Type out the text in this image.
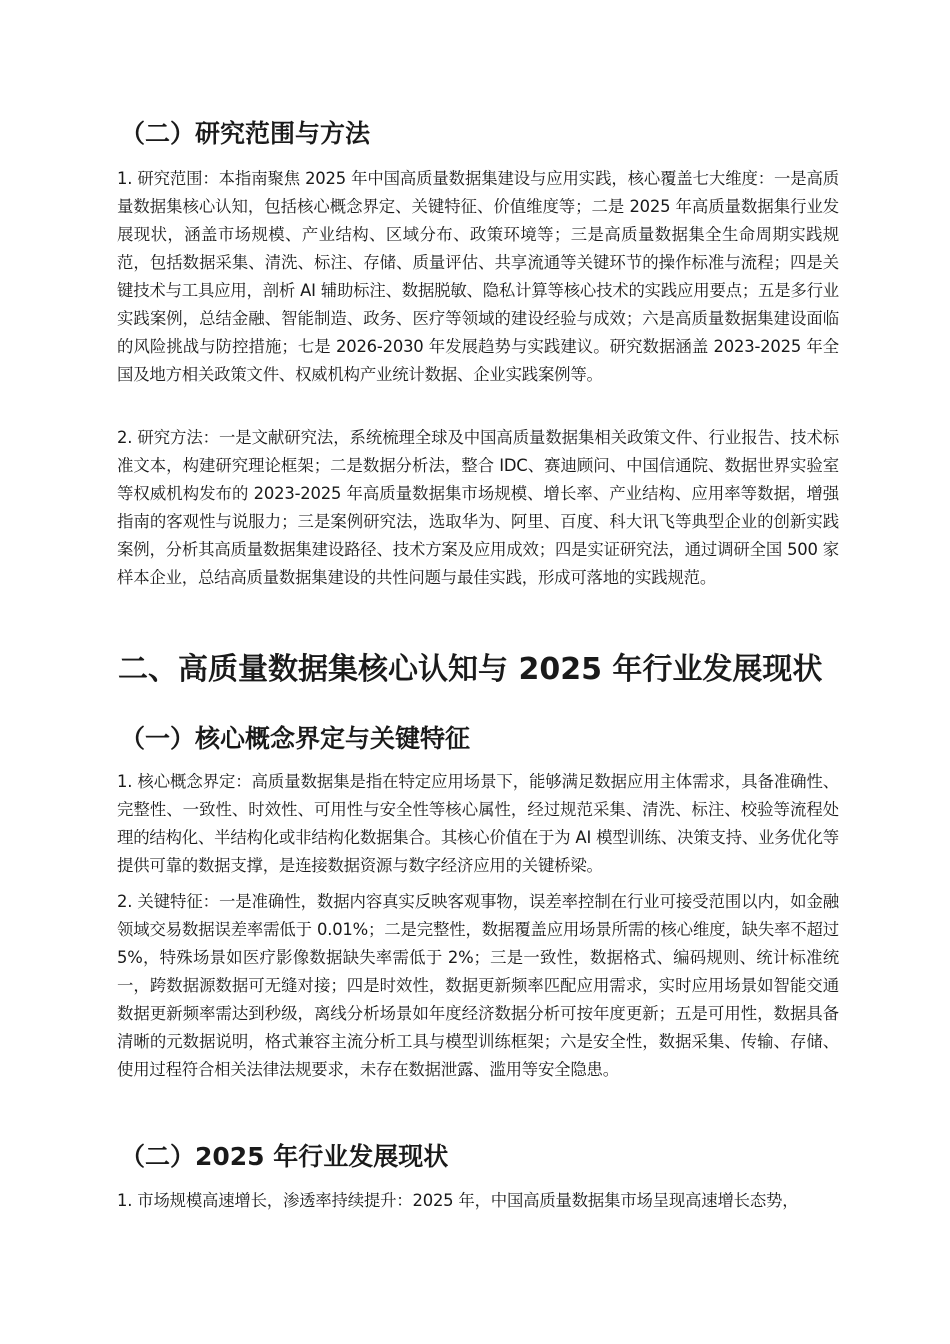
（二）研究范围与方法

1. 研究范围：本指南聚焦 2025 年中国高质量数据集建设与应用实践，核心覆盖七大维度：一是高质量数据集核心认知，包括核心概念界定、关键特征、价值维度等；二是 2025 年高质量数据集行业发展现状，涵盖市场规模、产业结构、区域分布、政策环境等；三是高质量数据集全生命周期实践规范，包括数据采集、清洗、标注、存储、质量评估、共享流通等关键环节的操作标准与流程；四是关键技术与工具应用，剖析 AI 辅助标注、数据脱敏、隐私计算等核心技术的实践应用要点；五是多行业实践案例，总结金融、智能制造、政务、医疗等领域的建设经验与成效；六是高质量数据集建设面临的风险挑战与防控措施；七是 2026-2030 年发展趋势与实践建议。研究数据涵盖 2023-2025 年全国及地方相关政策文件、权威机构产业统计数据、企业实践案例等。

2. 研究方法：一是文献研究法，系统梳理全球及中国高质量数据集相关政策文件、行业报告、技术标准文本，构建研究理论框架；二是数据分析法，整合 IDC、赛迪顾问、中国信通院、数据世界实验室等权威机构发布的 2023-2025 年高质量数据集市场规模、增长率、产业结构、应用率等数据，增强指南的客观性与说服力；三是案例研究法，选取华为、阿里、百度、科大讯飞等典型企业的创新实践案例，分析其高质量数据集建设路径、技术方案及应用成效；四是实证研究法，通过调研全国 500 家样本企业，总结高质量数据集建设的共性问题与最佳实践，形成可落地的实践规范。

二、高质量数据集核心认知与 2025 年行业发展现状
（一）核心概念界定与关键特征

1. 核心概念界定：高质量数据集是指在特定应用场景下，能够满足数据应用主体需求，具备准确性、完整性、一致性、时效性、可用性与安全性等核心属性，经过规范采集、清洗、标注、校验等流程处理的结构化、半结构化或非结构化数据集合。其核心价值在于为 AI 模型训练、决策支持、业务优化等提供可靠的数据支撑，是连接数据资源与数字经济应用的关键桥梁。

2. 关键特征：一是准确性，数据内容真实反映客观事物，误差率控制在行业可接受范围以内，如金融领域交易数据误差率需低于 0.01%；二是完整性，数据覆盖应用场景所需的核心维度，缺失率不超过 5%，特殊场景如医疗影像数据缺失率需低于 2%；三是一致性，数据格式、编码规则、统计标准统一，跨数据源数据可无缝对接；四是时效性，数据更新频率匹配应用需求，实时应用场景如智能交通数据更新频率需达到秒级，离线分析场景如年度经济数据分析可按年度更新；五是可用性，数据具备清晰的元数据说明，格式兼容主流分析工具与模型训练框架；六是安全性，数据采集、传输、存储、使用过程符合相关法律法规要求，未存在数据泄露、滥用等安全隐患。

（二）2025 年行业发展现状

1. 市场规模高速增长，渗透率持续提升：2025 年，中国高质量数据集市场呈现高速增长态势，
